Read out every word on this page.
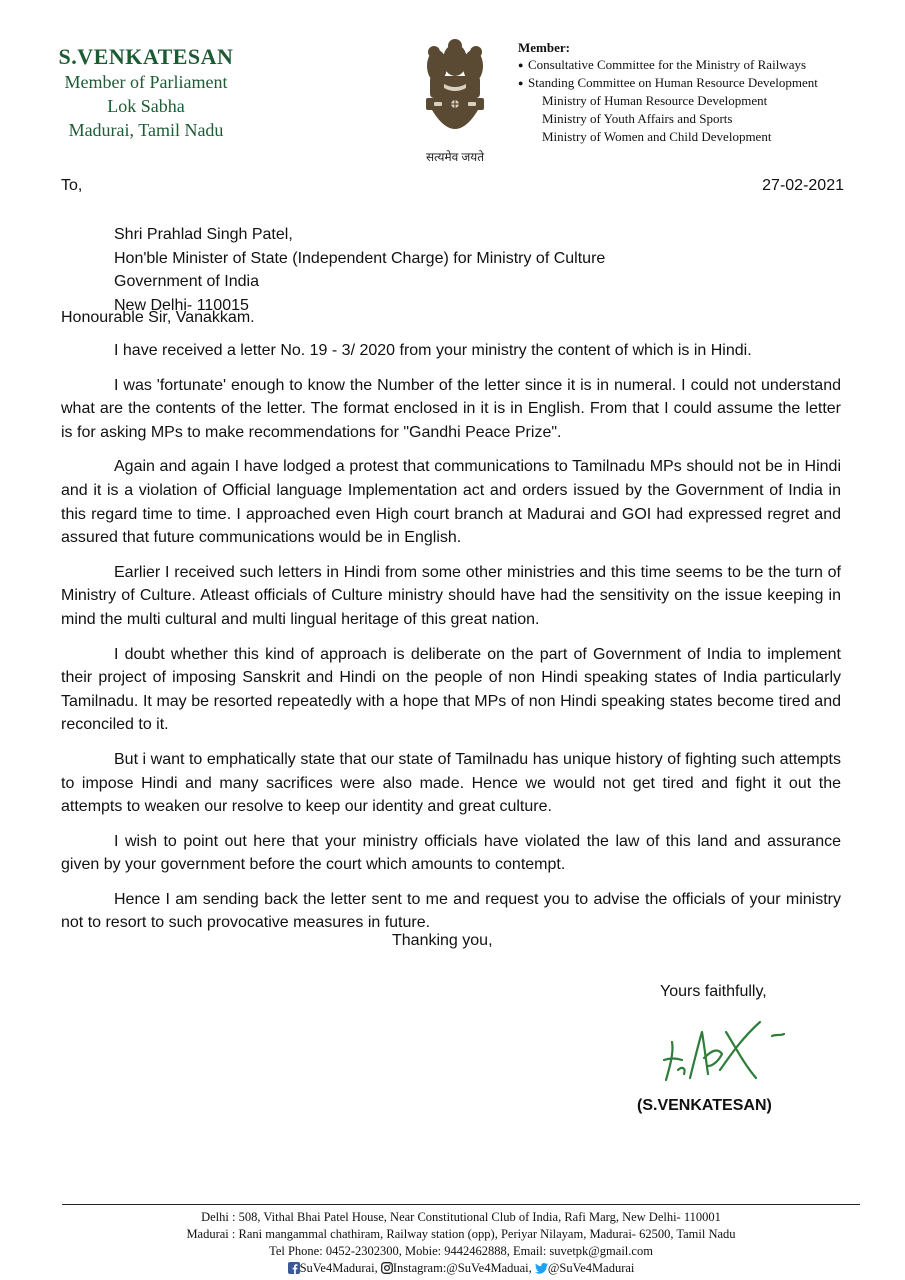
S.VENKATESAN
Member of Parliament
Lok Sabha
Madurai, Tamil Nadu
सत्यमेव जयते
Member:
● Consultative Committee for the Ministry of Railways
● Standing Committee on Human Resource Development
Ministry of Human Resource Development
Ministry of Youth Affairs and Sports
Ministry of Women and Child Development
To,	27-02-2021
Shri Prahlad Singh Patel,
Hon'ble Minister of State (Independent Charge) for Ministry of Culture
Government of India
New Delhi- 110015
Honourable Sir, Vanakkam.

I have received a letter No. 19 - 3/ 2020 from your ministry the content of which is in Hindi.

I was 'fortunate' enough to know the Number of the letter since it is in numeral. I could not understand what are the contents of the letter. The format enclosed in it is in English. From that I could assume the letter is for asking MPs to make recommendations for "Gandhi Peace Prize".

Again and again I have lodged a protest that communications to Tamilnadu MPs should not be in Hindi and it is a violation of Official language Implementation act and orders issued by the Government of India in this regard time to time. I approached even High court branch at Madurai and GOI had expressed regret and assured that future communications would be in English.

Earlier I received such letters in Hindi from some other ministries and this time seems to be the turn of Ministry of Culture. Atleast officials of Culture ministry should have had the sensitivity on the issue keeping in mind the multi cultural and multi lingual heritage of this great nation.

I doubt whether this kind of approach is deliberate on the part of Government of India to implement their project of imposing Sanskrit and Hindi on the people of non Hindi speaking states of India particularly Tamilnadu. It may be resorted repeatedly with a hope that MPs of non Hindi speaking states become tired and reconciled to it.

But i want to emphatically state that our state of Tamilnadu has unique history of fighting such attempts to impose Hindi and many sacrifices were also made. Hence we would not get tired and fight it out the attempts to weaken our resolve to keep our identity and great culture.

I wish to point out here that your ministry officials have violated the law of this land and assurance given by your government before the court which amounts to contempt.

Hence I am sending back the letter sent to me and request you to advise the officials of your ministry not to resort to such provocative measures in future.

Thanking you,
Yours faithfully,
(S.VENKATESAN)
Delhi : 508, Vithal Bhai Patel House, Near Constitutional Club of India, Rafi Marg, New Delhi- 110001
Madurai : Rani mangammal chathiram, Railway station (opp), Periyar Nilayam, Madurai- 62500, Tamil Nadu
Tel Phone: 0452-2302300, Mobie: 9442462888, Email: suvetpk@gmail.com
SuVe4Madurai, Instagram:@SuVe4Maduai, @SuVe4Madurai
